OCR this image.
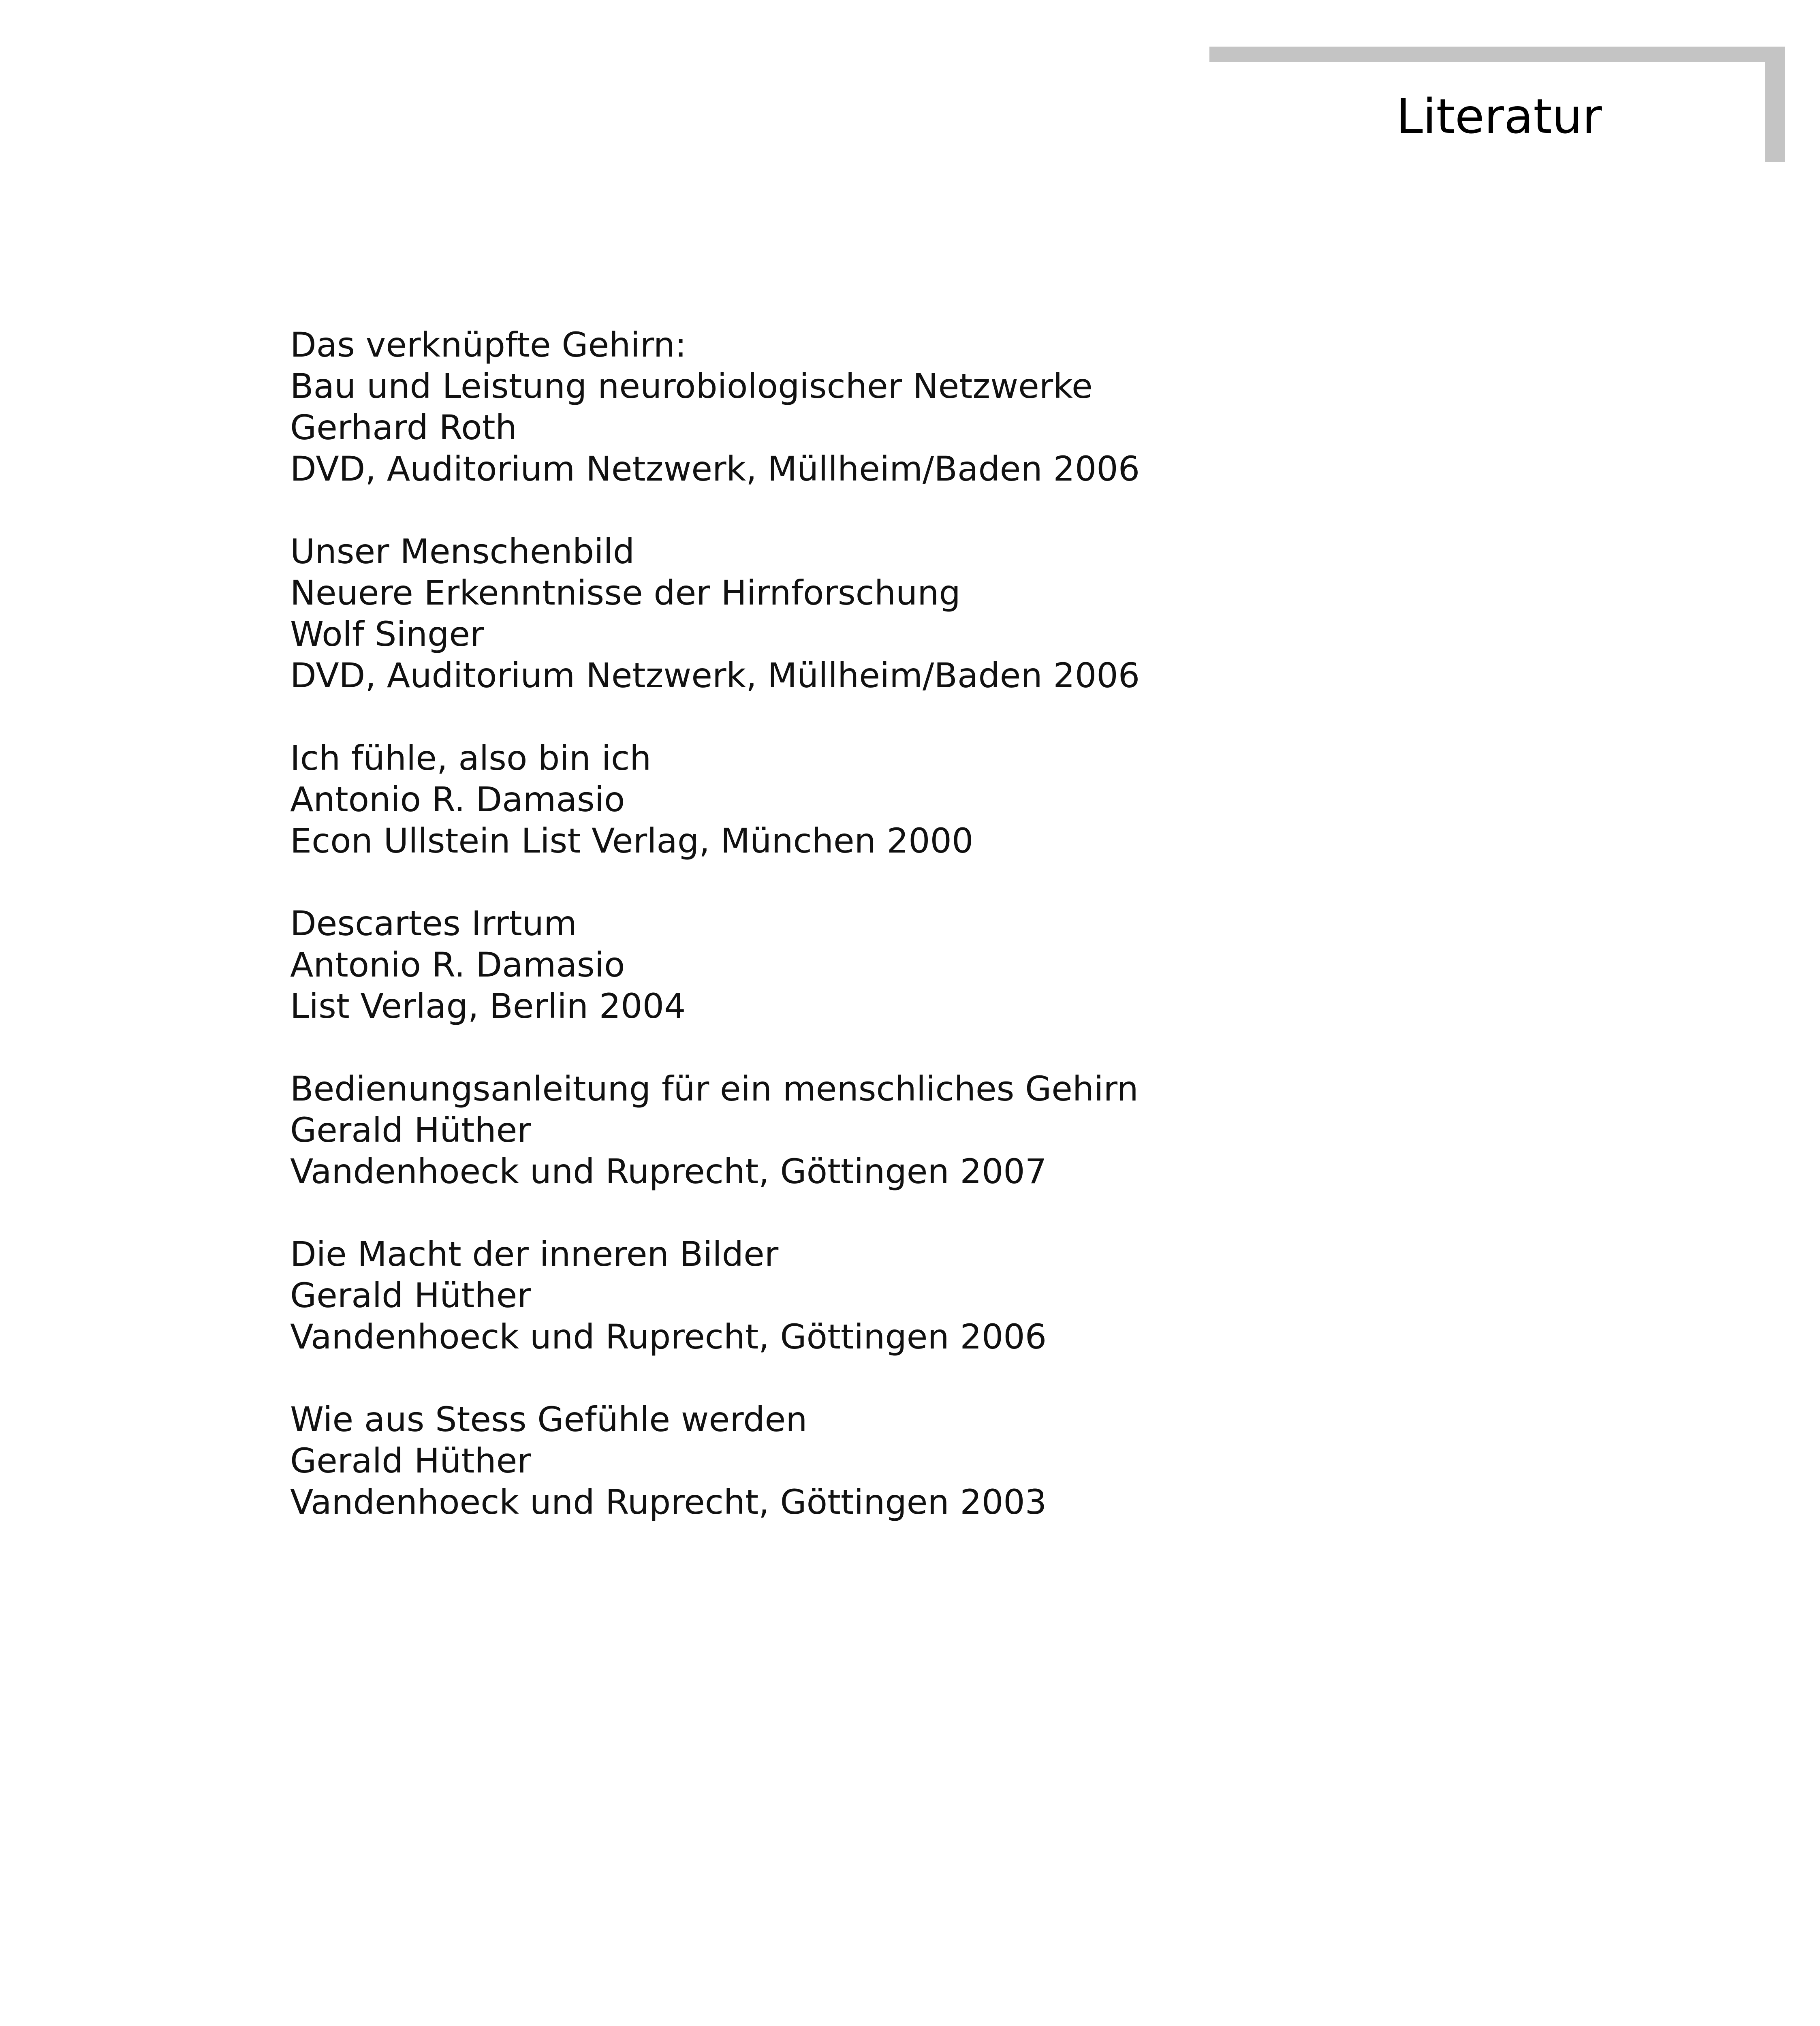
Literatur
Das verknüpfte Gehirn:
Bau und Leistung neurobiologischer Netzwerke
Gerhard Roth
DVD, Auditorium Netzwerk, Müllheim/Baden 2006
Unser Menschenbild
Neuere Erkenntnisse der Hirnforschung
Wolf Singer
DVD, Auditorium Netzwerk, Müllheim/Baden 2006
Ich fühle, also bin ich
Antonio R. Damasio
Econ Ullstein List Verlag, München 2000
Descartes Irrtum
Antonio R. Damasio
List Verlag, Berlin 2004
Bedienungsanleitung für ein menschliches Gehirn
Gerald Hüther
Vandenhoeck und Ruprecht, Göttingen 2007
Die Macht der inneren Bilder
Gerald Hüther
Vandenhoeck und Ruprecht, Göttingen 2006
Wie aus Stess Gefühle werden
Gerald Hüther
Vandenhoeck und Ruprecht, Göttingen 2003
